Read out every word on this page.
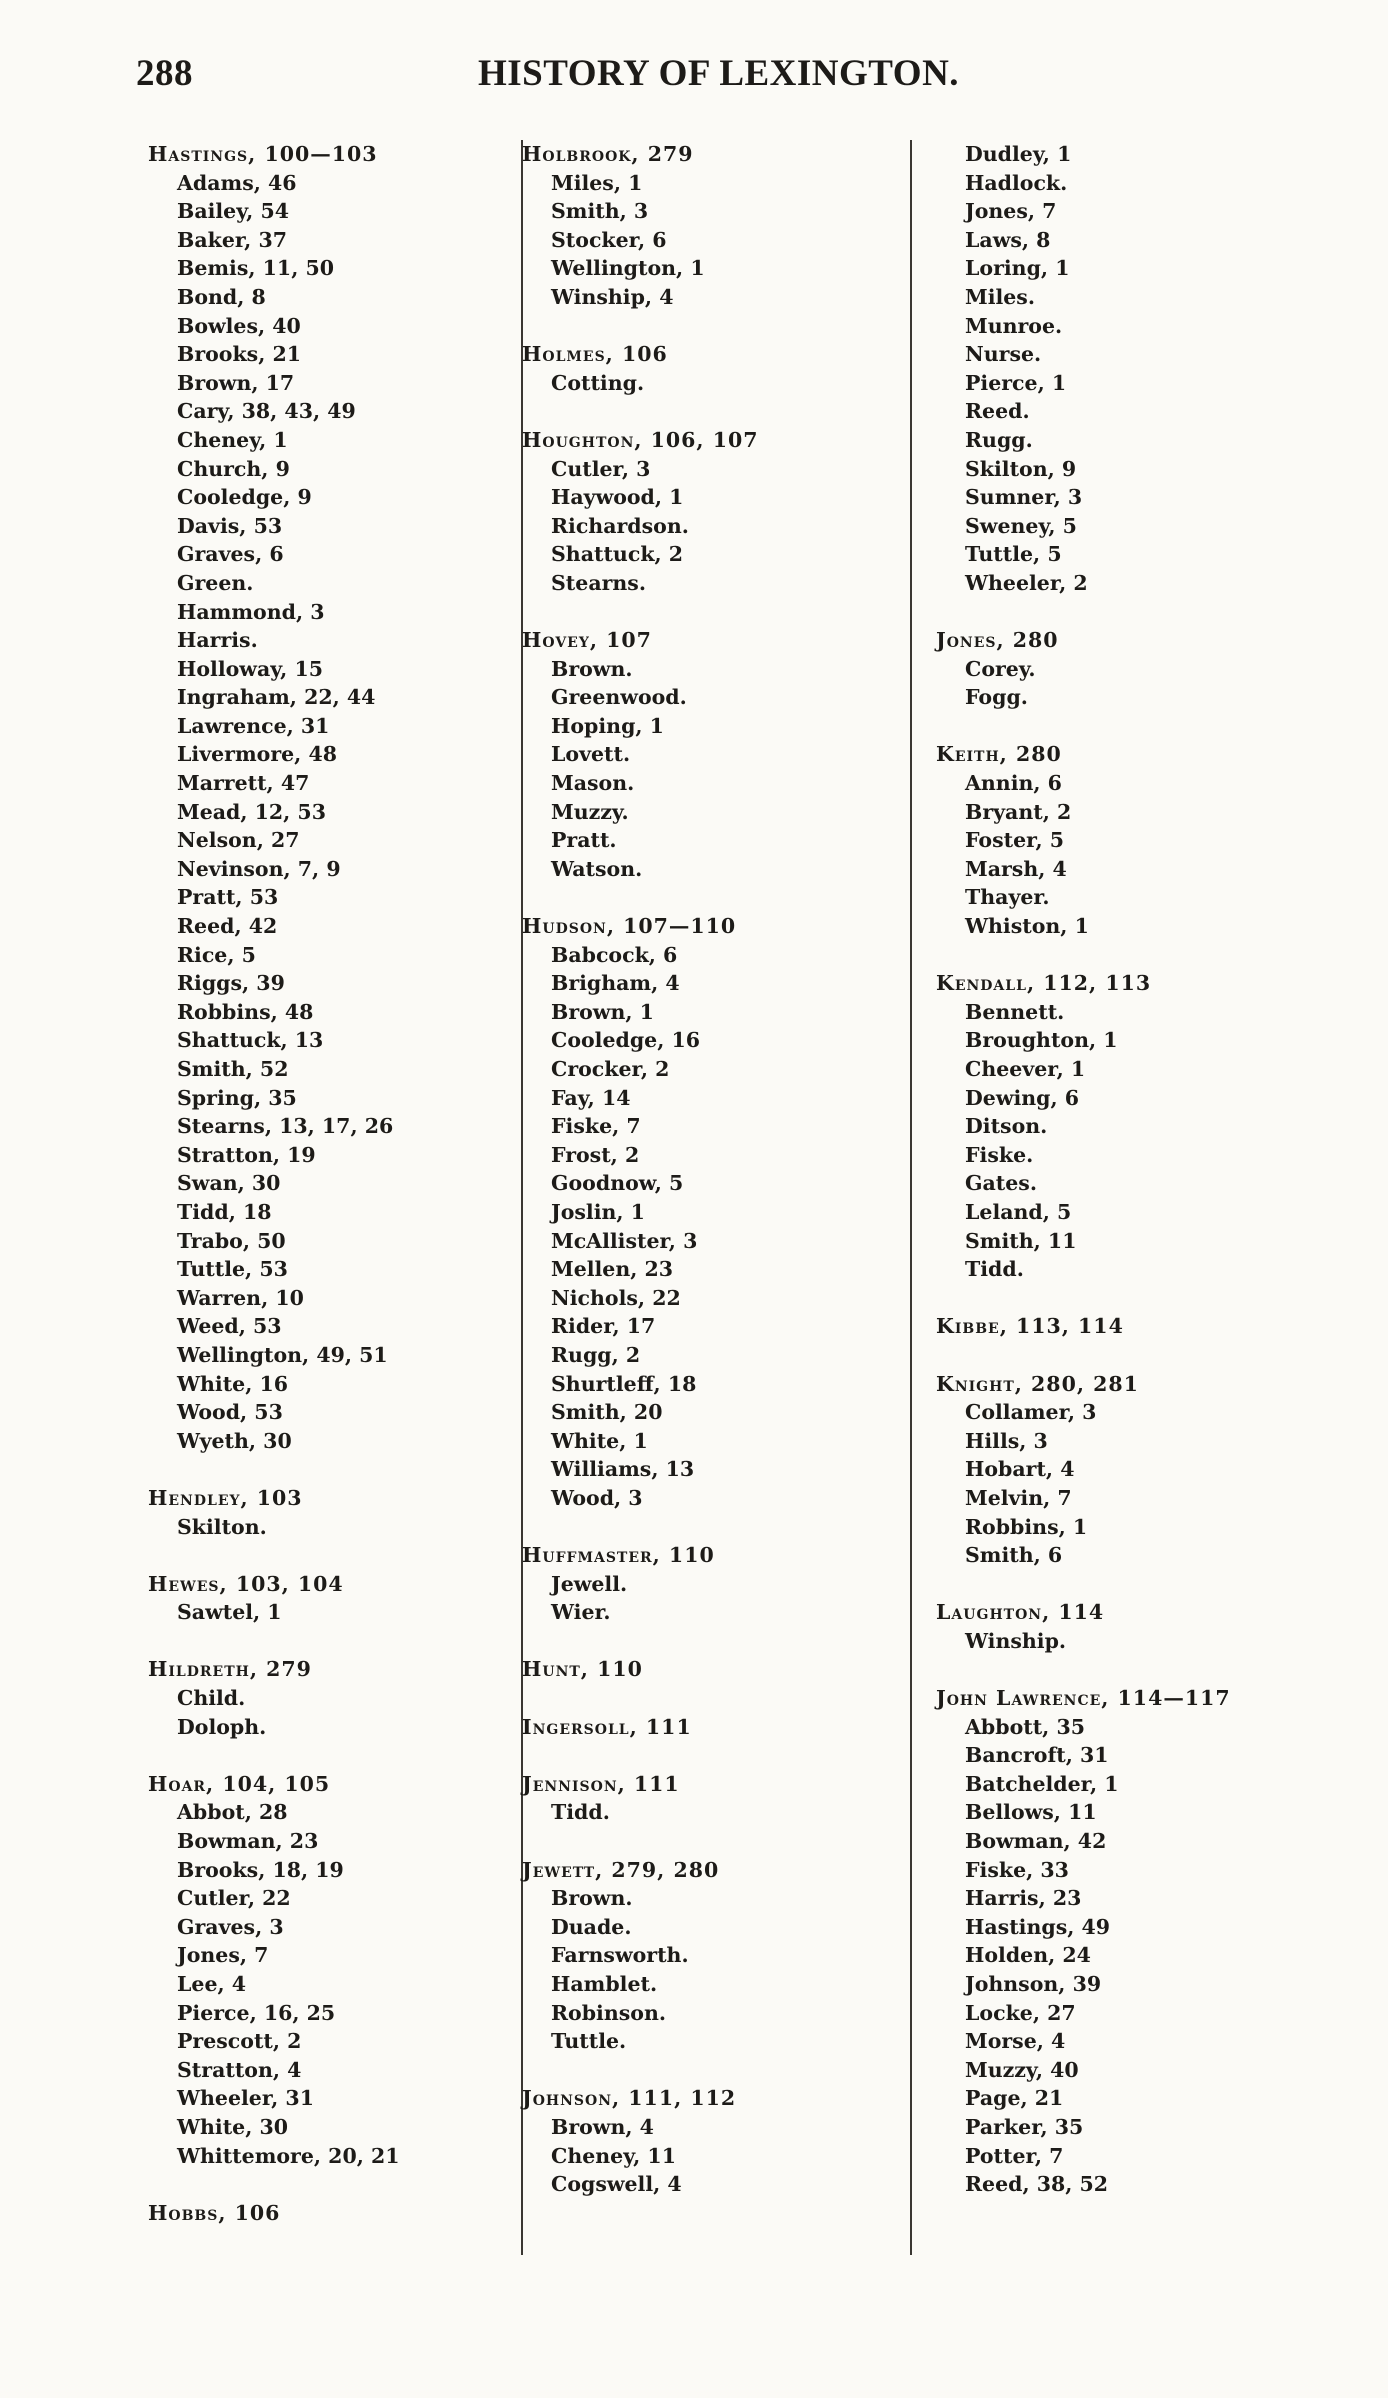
288	HISTORY OF LEXINGTON.
Hastings, 100—103
Adams, 46
Bailey, 54
Baker, 37
Bemis, 11, 50
Bond, 8
Bowles, 40
Brooks, 21
Brown, 17
Cary, 38, 43, 49
Cheney, 1
Church, 9
Cooledge, 9
Davis, 53
Graves, 6
Green.
Hammond, 3
Harris.
Holloway, 15
Ingraham, 22, 44
Lawrence, 31
Livermore, 48
Marrett, 47
Mead, 12, 53
Nelson, 27
Nevinson, 7, 9
Pratt, 53
Reed, 42
Rice, 5
Riggs, 39
Robbins, 48
Shattuck, 13
Smith, 52
Spring, 35
Stearns, 13, 17, 26
Stratton, 19
Swan, 30
Tidd, 18
Trabo, 50
Tuttle, 53
Warren, 10
Weed, 53
Wellington, 49, 51
White, 16
Wood, 53
Wyeth, 30
Hendley, 103
Skilton.
Hewes, 103, 104
Sawtel, 1
Hildreth, 279
Child.
Doloph.
Hoar, 104, 105
Abbot, 28
Bowman, 23
Brooks, 18, 19
Cutler, 22
Graves, 3
Jones, 7
Lee, 4
Pierce, 16, 25
Prescott, 2
Stratton, 4
Wheeler, 31
White, 30
Whittemore, 20, 21
Hobbs, 106
Holbrook, 279
Miles, 1
Smith, 3
Stocker, 6
Wellington, 1
Winship, 4
Holmes, 106
Cotting.
Houghton, 106, 107
Cutler, 3
Haywood, 1
Richardson.
Shattuck, 2
Stearns.
Hovey, 107
Brown.
Greenwood.
Hoping, 1
Lovett.
Mason.
Muzzy.
Pratt.
Watson.
Hudson, 107—110
Babcock, 6
Brigham, 4
Brown, 1
Cooledge, 16
Crocker, 2
Fay, 14
Fiske, 7
Frost, 2
Goodnow, 5
Joslin, 1
McAllister, 3
Mellen, 23
Nichols, 22
Rider, 17
Rugg, 2
Shurtleff, 18
Smith, 20
White, 1
Williams, 13
Wood, 3
Huffmaster, 110
Jewell.
Wier.
Hunt, 110
Ingersoll, 111
Jennison, 111
Tidd.
Jewett, 279, 280
Brown.
Duade.
Farnsworth.
Hamblet.
Robinson.
Tuttle.
Johnson, 111, 112
Brown, 4
Cheney, 11
Cogswell, 4
Dudley, 1
Hadlock.
Jones, 7
Laws, 8
Loring, 1
Miles.
Munroe.
Nurse.
Pierce, 1
Reed.
Rugg.
Skilton, 9
Sumner, 3
Sweney, 5
Tuttle, 5
Wheeler, 2
Jones, 280
Corey.
Fogg.
Keith, 280
Annin, 6
Bryant, 2
Foster, 5
Marsh, 4
Thayer.
Whiston, 1
Kendall, 112, 113
Bennett.
Broughton, 1
Cheever, 1
Dewing, 6
Ditson.
Fiske.
Gates.
Leland, 5
Smith, 11
Tidd.
Kibbe, 113, 114
Knight, 280, 281
Collamer, 3
Hills, 3
Hobart, 4
Melvin, 7
Robbins, 1
Smith, 6
Laughton, 114
Winship.
John Lawrence, 114—117
Abbott, 35
Bancroft, 31
Batchelder, 1
Bellows, 11
Bowman, 42
Fiske, 33
Harris, 23
Hastings, 49
Holden, 24
Johnson, 39
Locke, 27
Morse, 4
Muzzy, 40
Page, 21
Parker, 35
Potter, 7
Reed, 38, 52
